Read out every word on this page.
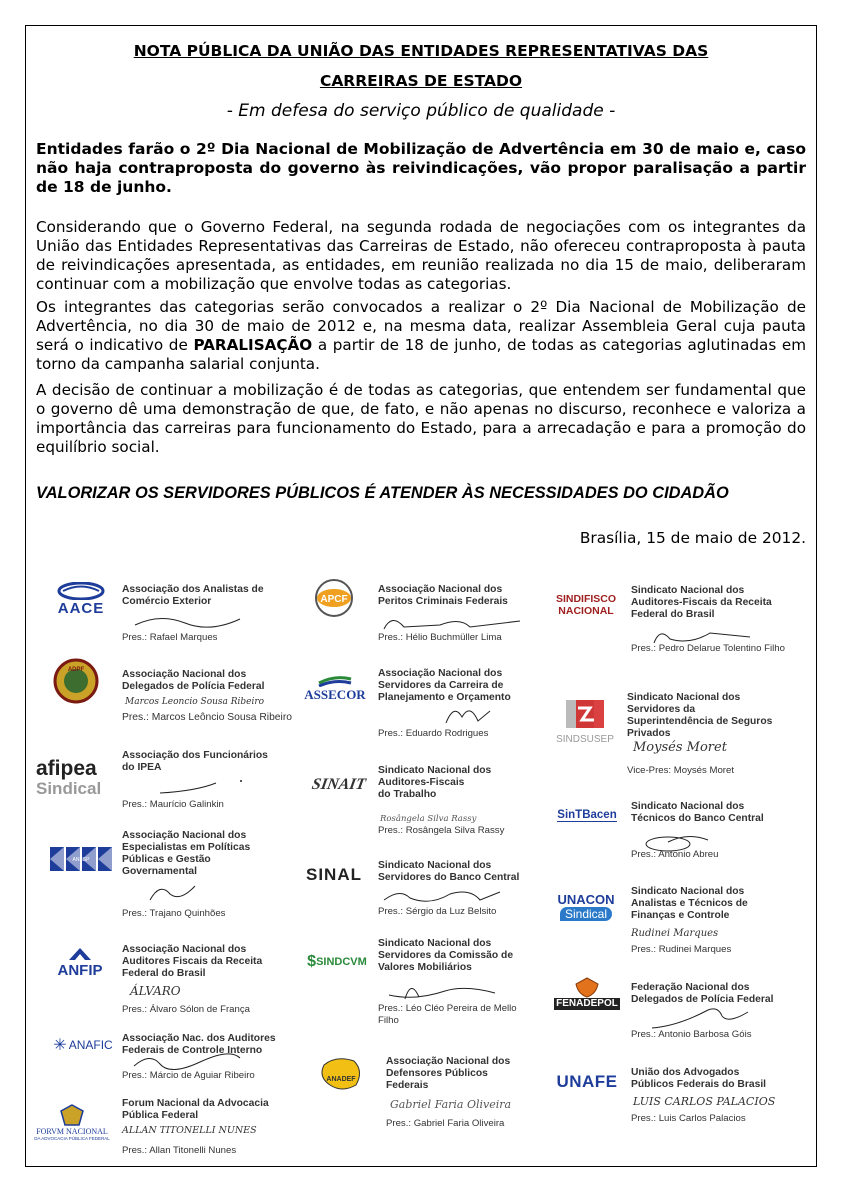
NOTA PÚBLICA DA UNIÃO DAS ENTIDADES REPRESENTATIVAS DAS
CARREIRAS DE ESTADO
- Em defesa do serviço público de qualidade -
Entidades farão o 2º Dia Nacional de Mobilização de Advertência em 30 de maio e, caso não haja contraproposta do governo às reivindicações, vão propor paralisação a partir de 18 de junho.
Considerando que o Governo Federal, na segunda rodada de negociações com os integrantes da União das Entidades Representativas das Carreiras de Estado, não ofereceu contraproposta à pauta de reivindicações apresentada, as entidades, em reunião realizada no dia 15 de maio, deliberaram continuar com a mobilização que envolve todas as categorias.
Os integrantes das categorias serão convocados a realizar o 2º Dia Nacional de Mobilização de Advertência, no dia 30 de maio de 2012 e, na mesma data, realizar Assembleia Geral cuja pauta será o indicativo de PARALISAÇÃO a partir de 18 de junho, de todas as categorias aglutinadas em torno da campanha salarial conjunta.
A decisão de continuar a mobilização é de todas as categorias, que entendem ser fundamental que o governo dê uma demonstração de que, de fato, e não apenas no discurso, reconhece e valoriza a importância das carreiras para funcionamento do Estado, para a arrecadação e para a promoção do equilíbrio social.
VALORIZAR OS SERVIDORES PÚBLICOS É ATENDER ÀS NECESSIDADES DO CIDADÃO
Brasília, 15 de maio de 2012.
AACE
Associação dos Analistas de
Comércio Exterior
Pres.: Rafael Marques
ADPF	Associação Nacional dos
Delegados de Polícia Federal
Marcos Leoncio Sousa Ribeiro
Pres.: Marcos Leôncio Sousa Ribeiro
afipea
Sindical
Associação dos Funcionários
do IPEA
Pres.: Maurício Galinkin
ANESP
Associação Nacional dos
Especialistas em Políticas
Públicas e Gestão
Governamental
Pres.: Trajano Quinhões
ANFIP
Associação Nacional dos
Auditores Fiscais da Receita
Federal do Brasil
ÁLVARO
Pres.: Álvaro Sólon de França
✳ ANAFIC Associação Nac. dos Auditores
Federais de Controle Interno
Pres.: Márcio de Aguiar Ribeiro
FORVM NACIONAL
DA ADVOCACIA PÚBLICA FEDERAL
Forum Nacional da Advocacia
Pública Federal
ALLAN TITONELLI NUNES
Pres.: Allan Titonelli Nunes
APCF
Associação Nacional dos
Peritos Criminais Federais
Pres.: Hélio Buchmüller Lima
ASSECOR
Associação Nacional dos
Servidores da Carreira de
Planejamento e Orçamento
Pres.: Eduardo Rodrigues
SINAIT
Sindicato Nacional dos
Auditores-Fiscais
do Trabalho
Rosângela Silva Rassy
Pres.: Rosângela Silva Rassy
SINAL Sindicato Nacional dos
Servidores do Banco Central
Pres.: Sérgio da Luz Belsito
$ SINDCVM
Sindicato Nacional dos
Servidores da Comissão de
Valores Mobiliários
Pres.: Léo Cléo Pereira de Mello
Filho
ANADEF
Associação Nacional dos
Defensores Públicos
Federais
Gabriel Faria Oliveira
Pres.: Gabriel Faria Oliveira
SINDIFISCO
NACIONAL
Sindicato Nacional dos
Auditores-Fiscais da Receita
Federal do Brasil
Pres.: Pedro Delarue Tolentino Filho
SINDSUSEP
Sindicato Nacional dos
Servidores da
Superintendência de Seguros
Privados
Moysés Moret
Vice-Pres: Moysés Moret
SinTBacen
Sindicato Nacional dos
Técnicos do Banco Central
Pres.: Antonio Abreu
UNACON
Sindical
Sindicato Nacional dos
Analistas e Técnicos de
Finanças e Controle
Rudinei Marques
Pres.: Rudinei Marques
FENADEPOL
Federação Nacional dos
Delegados de Polícia Federal
Pres.: Antonio Barbosa Góis
UNAFE União dos Advogados
Públicos Federais do Brasil
LUIS CARLOS PALACIOS
Pres.: Luis Carlos Palacios
